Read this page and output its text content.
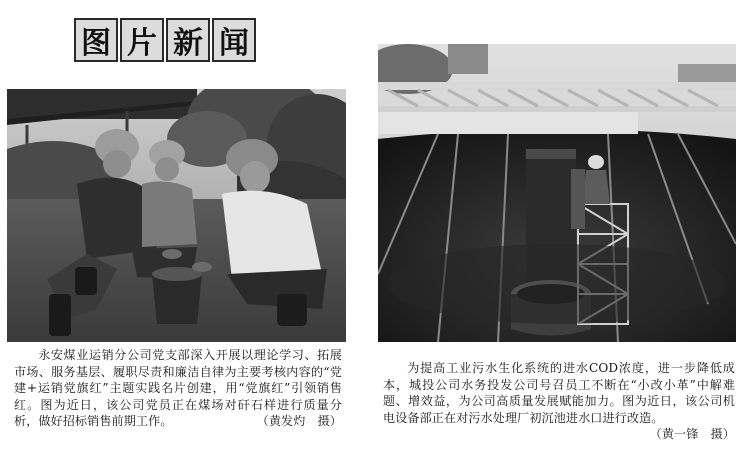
图 片 新 闻
永安煤业运销分公司党支部深入开展以理论学习、拓展市场、服务基层、履职尽责和廉洁自律为主要考核内容的“党建+运销党旗红”主题实践名片创建，用“党旗红”引领销售红。图为近日，该公司党员正在煤场对矸石样进行质量分析，做好招标销售前期工作。	（黄发灼　摄）
为提高工业污水生化系统的进水COD浓度，进一步降低成本，城投公司水务投发公司号召员工不断在“小改小革”中解难题、增效益，为公司高质量发展赋能加力。图为近日，该公司机电设备部正在对污水处理厂初沉池进水口进行改造。
（黄一锋　摄）
